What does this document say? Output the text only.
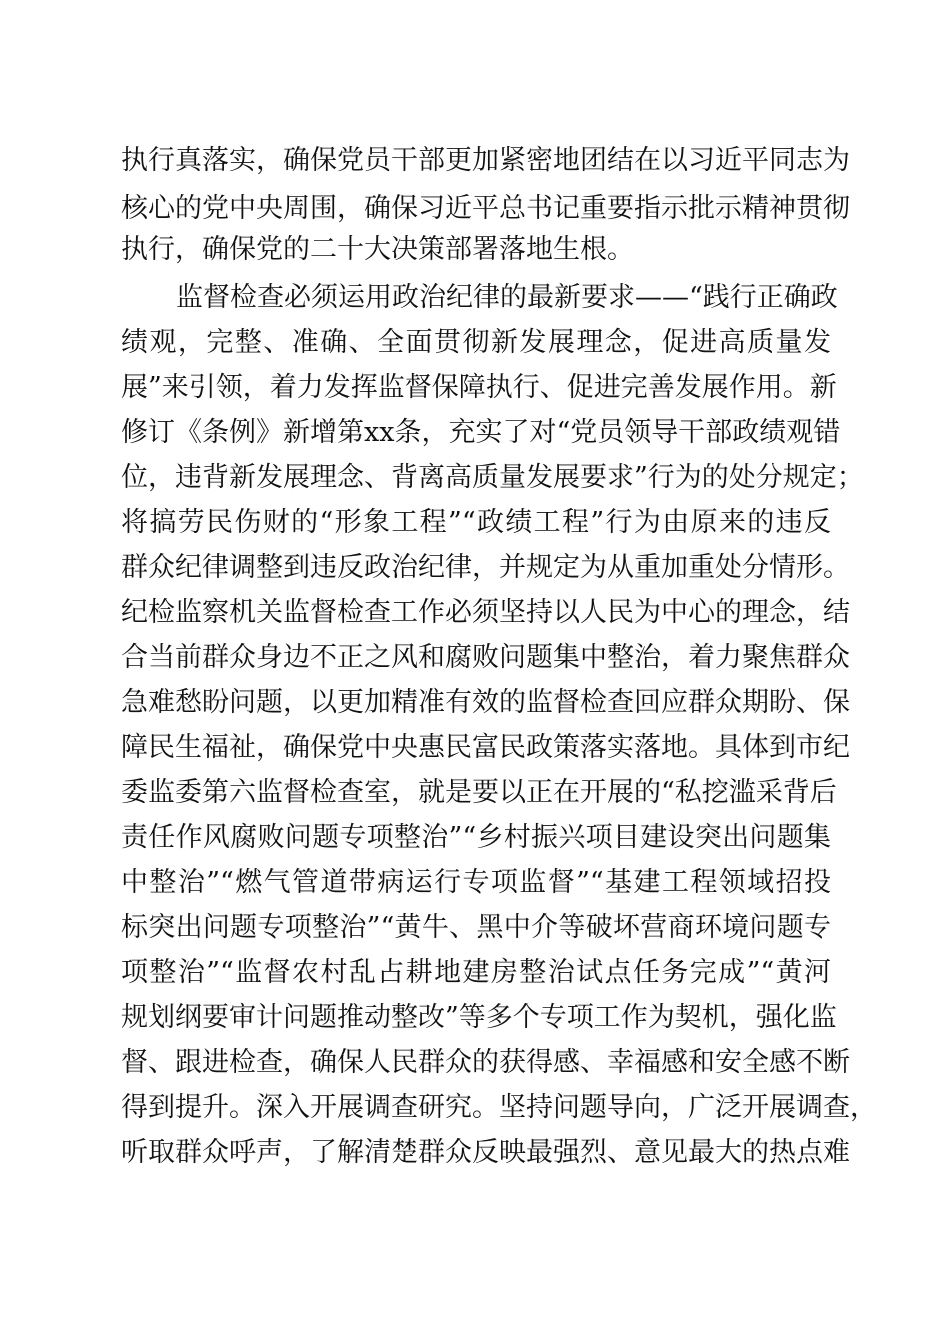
执行真落实，确保党员干部更加紧密地团结在以习近平同志为
核心的党中央周围，确保习近平总书记重要指示批示精神贯彻
执行，确保党的二十大决策部署落地生根。
监督检查必须运用政治纪律的最新要求——“践行正确政
绩观，完整、准确、全面贯彻新发展理念，促进高质量发
展”来引领，着力发挥监督保障执行、促进完善发展作用。新
修订《条例》新增第xx条，充实了对“党员领导干部政绩观错
位，违背新发展理念、背离高质量发展要求”行为的处分规定；
将搞劳民伤财的“形象工程”“政绩工程”行为由原来的违反
群众纪律调整到违反政治纪律，并规定为从重加重处分情形。
纪检监察机关监督检查工作必须坚持以人民为中心的理念，结
合当前群众身边不正之风和腐败问题集中整治，着力聚焦群众
急难愁盼问题，以更加精准有效的监督检查回应群众期盼、保
障民生福祉，确保党中央惠民富民政策落实落地。具体到市纪
委监委第六监督检查室，就是要以正在开展的“私挖滥采背后
责任作风腐败问题专项整治”“乡村振兴项目建设突出问题集
中整治”“燃气管道带病运行专项监督”“基建工程领域招投
标突出问题专项整治”“黄牛、黑中介等破坏营商环境问题专
项整治”“监督农村乱占耕地建房整治试点任务完成”“黄河
规划纲要审计问题推动整改”等多个专项工作为契机，强化监
督、跟进检查，确保人民群众的获得感、幸福感和安全感不断
得到提升。深入开展调查研究。坚持问题导向，广泛开展调查，
听取群众呼声，了解清楚群众反映最强烈、意见最大的热点难
